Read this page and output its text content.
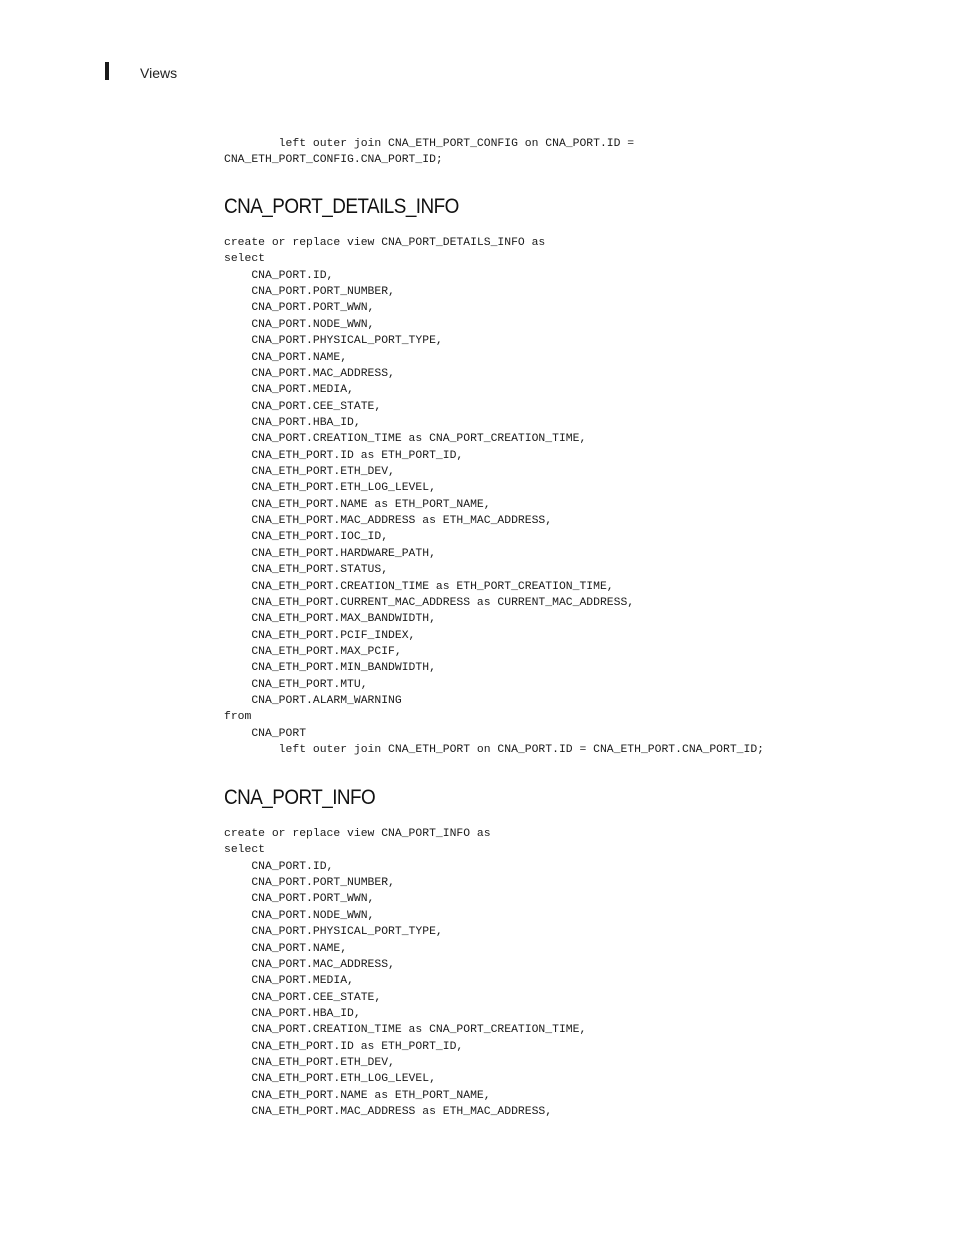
Views
left outer join CNA_ETH_PORT_CONFIG on CNA_PORT.ID =
CNA_ETH_PORT_CONFIG.CNA_PORT_ID;
CNA_PORT_DETAILS_INFO
create or replace view CNA_PORT_DETAILS_INFO as
select
CNA_PORT.ID,
CNA_PORT.PORT_NUMBER,
CNA_PORT.PORT_WWN,
CNA_PORT.NODE_WWN,
CNA_PORT.PHYSICAL_PORT_TYPE,
CNA_PORT.NAME,
CNA_PORT.MAC_ADDRESS,
CNA_PORT.MEDIA,
CNA_PORT.CEE_STATE,
CNA_PORT.HBA_ID,
CNA_PORT.CREATION_TIME as CNA_PORT_CREATION_TIME,
CNA_ETH_PORT.ID as ETH_PORT_ID,
CNA_ETH_PORT.ETH_DEV,
CNA_ETH_PORT.ETH_LOG_LEVEL,
CNA_ETH_PORT.NAME as ETH_PORT_NAME,
CNA_ETH_PORT.MAC_ADDRESS as ETH_MAC_ADDRESS,
CNA_ETH_PORT.IOC_ID,
CNA_ETH_PORT.HARDWARE_PATH,
CNA_ETH_PORT.STATUS,
CNA_ETH_PORT.CREATION_TIME as ETH_PORT_CREATION_TIME,
CNA_ETH_PORT.CURRENT_MAC_ADDRESS as CURRENT_MAC_ADDRESS,
CNA_ETH_PORT.MAX_BANDWIDTH,
CNA_ETH_PORT.PCIF_INDEX,
CNA_ETH_PORT.MAX_PCIF,
CNA_ETH_PORT.MIN_BANDWIDTH,
CNA_ETH_PORT.MTU,
CNA_PORT.ALARM_WARNING
from
CNA_PORT
left outer join CNA_ETH_PORT on CNA_PORT.ID = CNA_ETH_PORT.CNA_PORT_ID;
CNA_PORT_INFO
create or replace view CNA_PORT_INFO as
select
CNA_PORT.ID,
CNA_PORT.PORT_NUMBER,
CNA_PORT.PORT_WWN,
CNA_PORT.NODE_WWN,
CNA_PORT.PHYSICAL_PORT_TYPE,
CNA_PORT.NAME,
CNA_PORT.MAC_ADDRESS,
CNA_PORT.MEDIA,
CNA_PORT.CEE_STATE,
CNA_PORT.HBA_ID,
CNA_PORT.CREATION_TIME as CNA_PORT_CREATION_TIME,
CNA_ETH_PORT.ID as ETH_PORT_ID,
CNA_ETH_PORT.ETH_DEV,
CNA_ETH_PORT.ETH_LOG_LEVEL,
CNA_ETH_PORT.NAME as ETH_PORT_NAME,
CNA_ETH_PORT.MAC_ADDRESS as ETH_MAC_ADDRESS,
